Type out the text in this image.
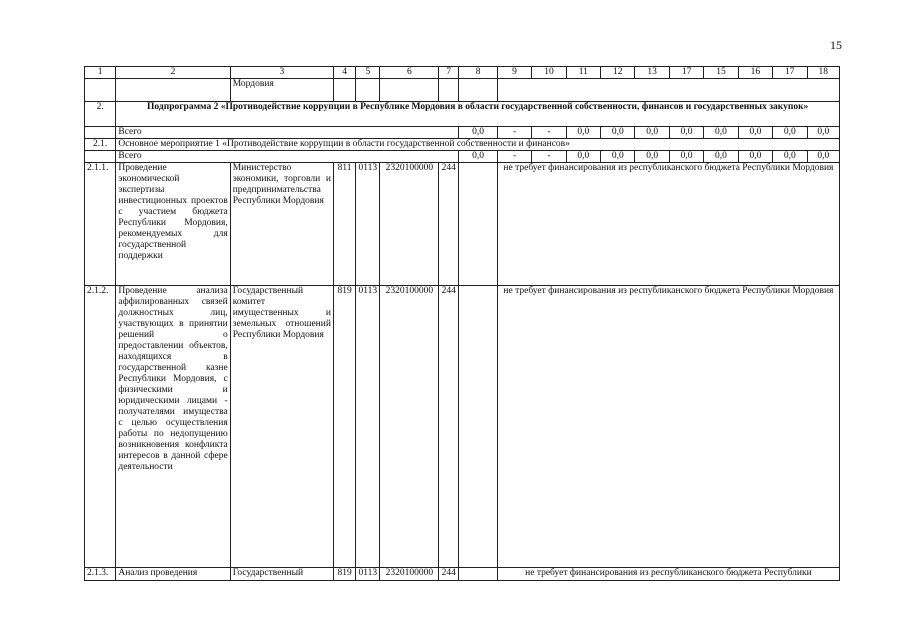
15
1	2	3	4	5	6	7	8	9	10	11	12	13	17	15	16	17	18
		Мордовия															
2.	Подпрограмма 2 «Противодействие коррупции в Республике Мордовия в области государственной собственности, финансов и государственных закупок»																
	Всего						0,0	-	-	0,0	0,0	0,0	0,0	0,0	0,0	0,0	0,0
2.1.	Основное мероприятие 1 «Противодействие коррупции в области государственной собственности и финансов»																
	Всего						0,0	-	-	0,0	0,0	0,0	0,0	0,0	0,0	0,0	0,0
2.1.1.	Проведение экономической экспертизы инвестиционных проектов с участием бюджета Республики Мордовия, рекомендуемых для государственной поддержки	Министерство экономики, торговли и предпринимательства Республики Мордовия	811	0113	2320100000	244		не требует финансирования из республиканского бюджета Республики Мордовия									
2.1.2.	Проведение анализа аффилированных связей должностных лиц, участвующих в принятии решений о предоставлении объектов, находящихся в государственной казне Республики Мордовия, с физическими и юридическими лицами - получателями имущества с целью осуществления работы по недопущению возникновения конфликта интересов в данной сфере деятельности	Государственный комитет имущественных и земельных отношений Республики Мордовия	819	0113	2320100000	244		не требует финансирования из республиканского бюджета Республики Мордовия									
2.1.3.	Анализ проведения	Государственный	819	0113	2320100000	244		не требует финансирования из республиканского бюджета Республики									
